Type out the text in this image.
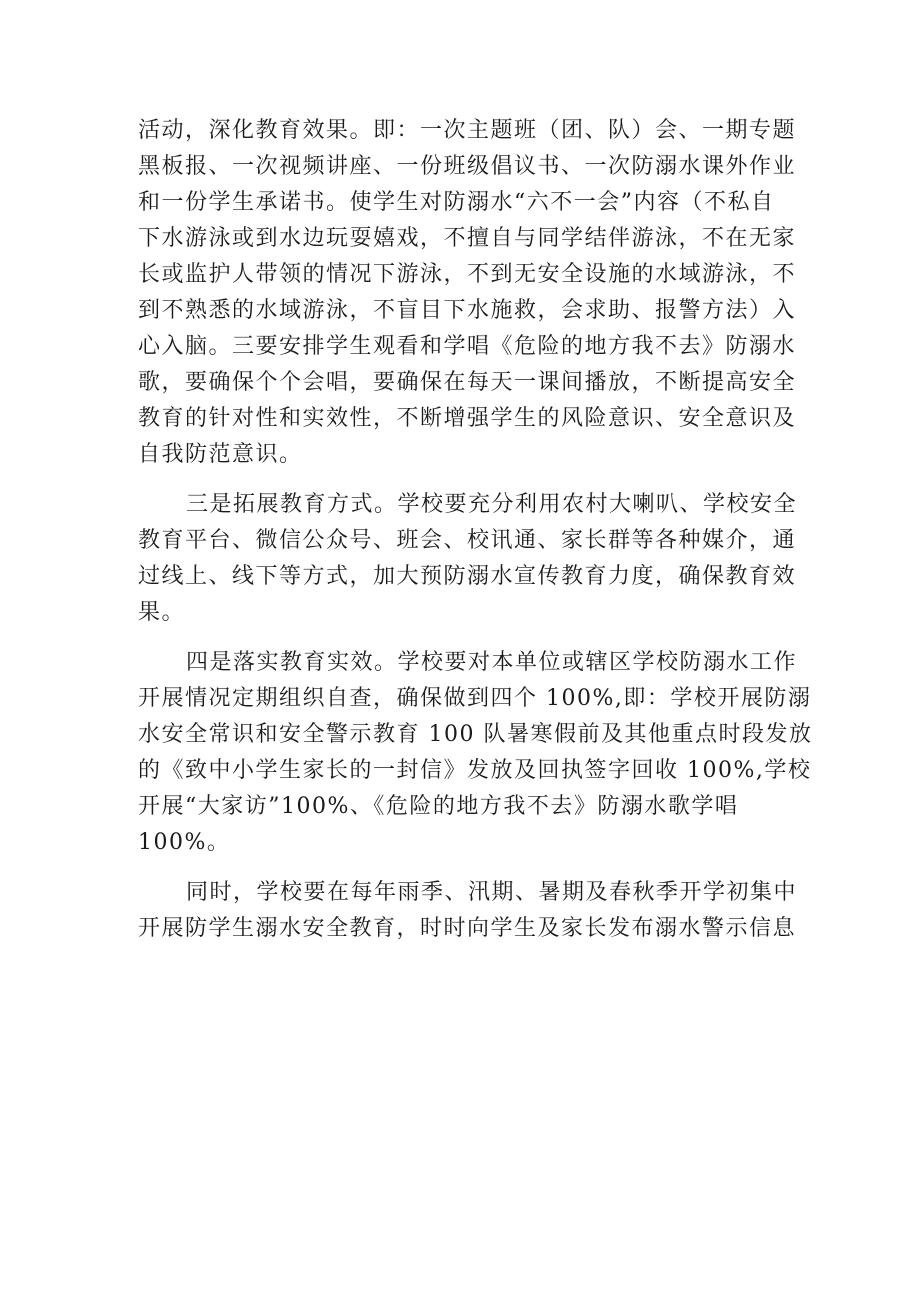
活动，深化教育效果。即：一次主题班（团、队）会、一期专题
黑板报、一次视频讲座、一份班级倡议书、一次防溺水课外作业
和一份学生承诺书。使学生对防溺水“六不一会”内容（不私自
下水游泳或到水边玩耍嬉戏，不擅自与同学结伴游泳，不在无家
长或监护人带领的情况下游泳，不到无安全设施的水域游泳，不
到不熟悉的水域游泳，不盲目下水施救，会求助、报警方法）入
心入脑。三要安排学生观看和学唱《危险的地方我不去》防溺水
歌，要确保个个会唱，要确保在每天一课间播放，不断提高安全
教育的针对性和实效性，不断增强学生的风险意识、安全意识及
自我防范意识。
三是拓展教育方式。学校要充分利用农村大喇叭、学校安全
教育平台、微信公众号、班会、校讯通、家长群等各种媒介，通
过线上、线下等方式，加大预防溺水宣传教育力度，确保教育效
果。
四是落实教育实效。学校要对本单位或辖区学校防溺水工作
开展情况定期组织自查，确保做到四个 100%,即：学校开展防溺
水安全常识和安全警示教育 100 队暑寒假前及其他重点时段发放
的《致中小学生家长的一封信》发放及回执签字回收 100%,学校
开展“大家访”100%、《危险的地方我不去》防溺水歌学唱
100%。
同时，学校要在每年雨季、汛期、暑期及春秋季开学初集中
开展防学生溺水安全教育，时时向学生及家长发布溺水警示信息
